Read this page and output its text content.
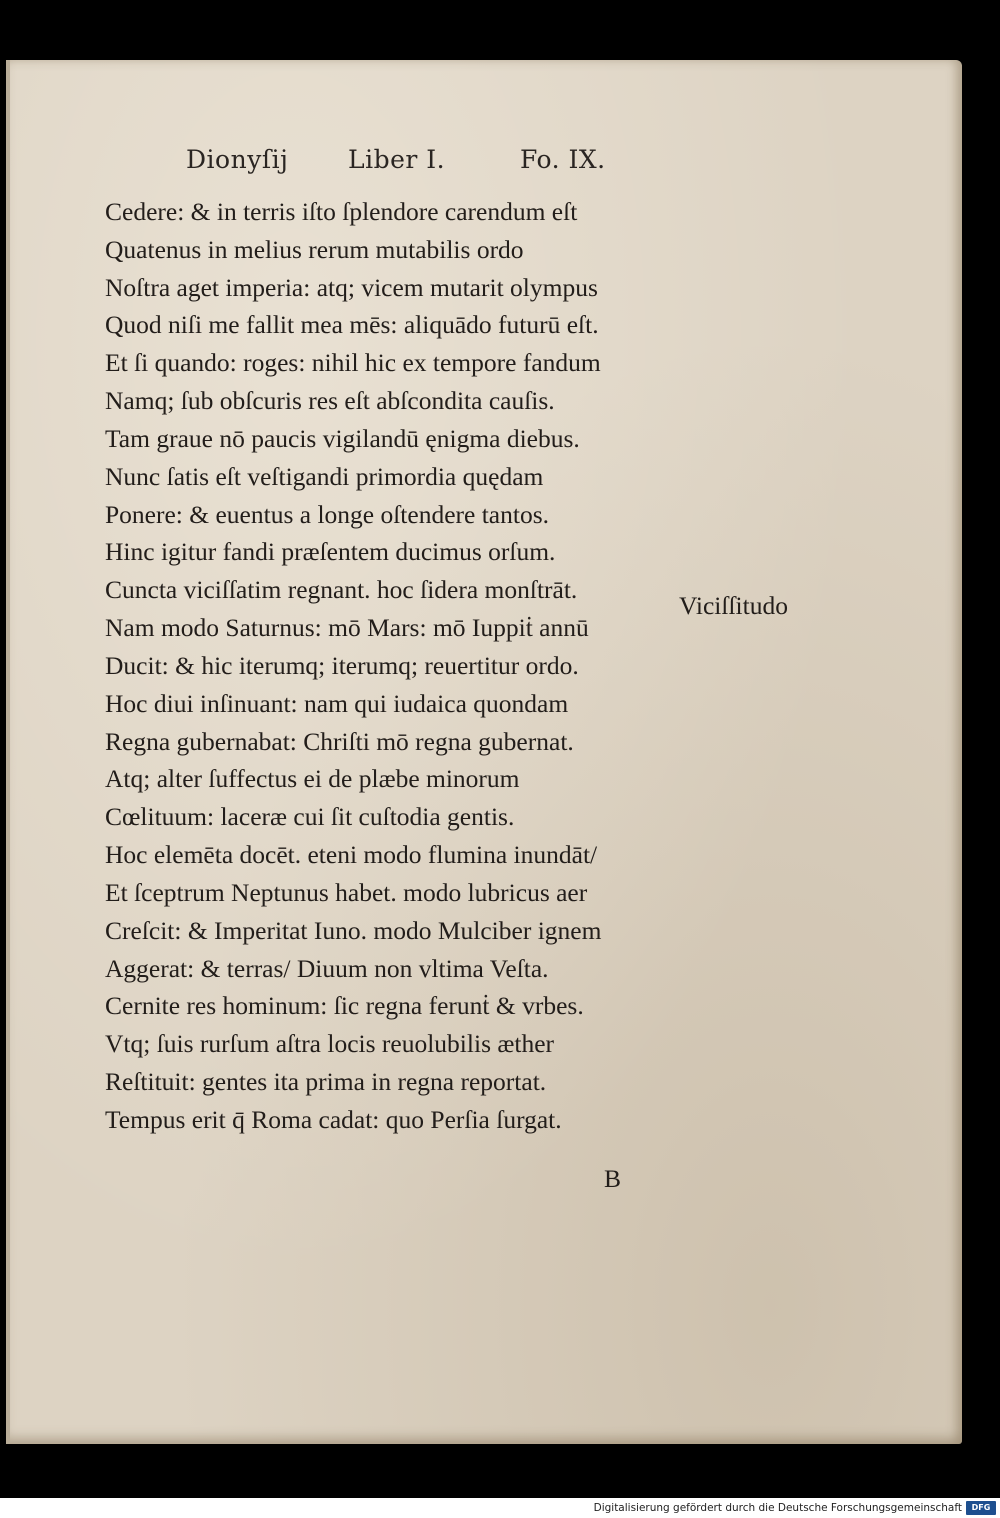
Dionyſij Liber I.	Fo. IX.
Cedere: & in terris iſto ſplendore carendum eſt
Quatenus in melius rerum mutabilis ordo
Noſtra aget imperia: atq; vicem mutarit olympus
Quod niſi me fallit mea mēs: aliquādo futurū eſt.
Et ſi quando: roges: nihil hic ex tempore fandum
Namq; ſub obſcuris res eſt abſcondita cauſis.
Tam graue nō paucis vigilandū ęnigma diebus.
Nunc ſatis eſt veſtigandi primordia quędam
Ponere: & euentus a longe oſtendere tantos.
Hinc igitur fandi præſentem ducimus orſum.
Cuncta viciſſatim regnant. hoc ſidera monſtrāt.
Nam modo Saturnus: mō Mars: mō Iuppiṫ annū
Ducit: & hic iterumq; iterumq; reuertitur ordo.
Hoc diui inſinuant: nam qui iudaica quondam
Regna gubernabat: Chriſti mō regna gubernat.
Atq; alter ſuffectus ei de plæbe minorum
Cœlituum: laceræ cui ſit cuſtodia gentis.
Hoc elemēta docēt. eteni modo flumina inundāt/
Et ſceptrum Neptunus habet. modo lubricus aer
Creſcit: & Imperitat Iuno. modo Mulciber ignem
Aggerat: & terras/ Diuum non vltima Veſta.
Cernite res hominum: ſic regna ferunṫ & vrbes.
Vtq; ſuis rurſum aſtra locis reuolubilis æther
Reſtituit: gentes ita prima in regna reportat.
Tempus erit q̄ Roma cadat: quo Perſia ſurgat.
Viciſſitudo
B
Digitalisierung gefördert durch die Deutsche Forschungsgemeinschaft	DFG
